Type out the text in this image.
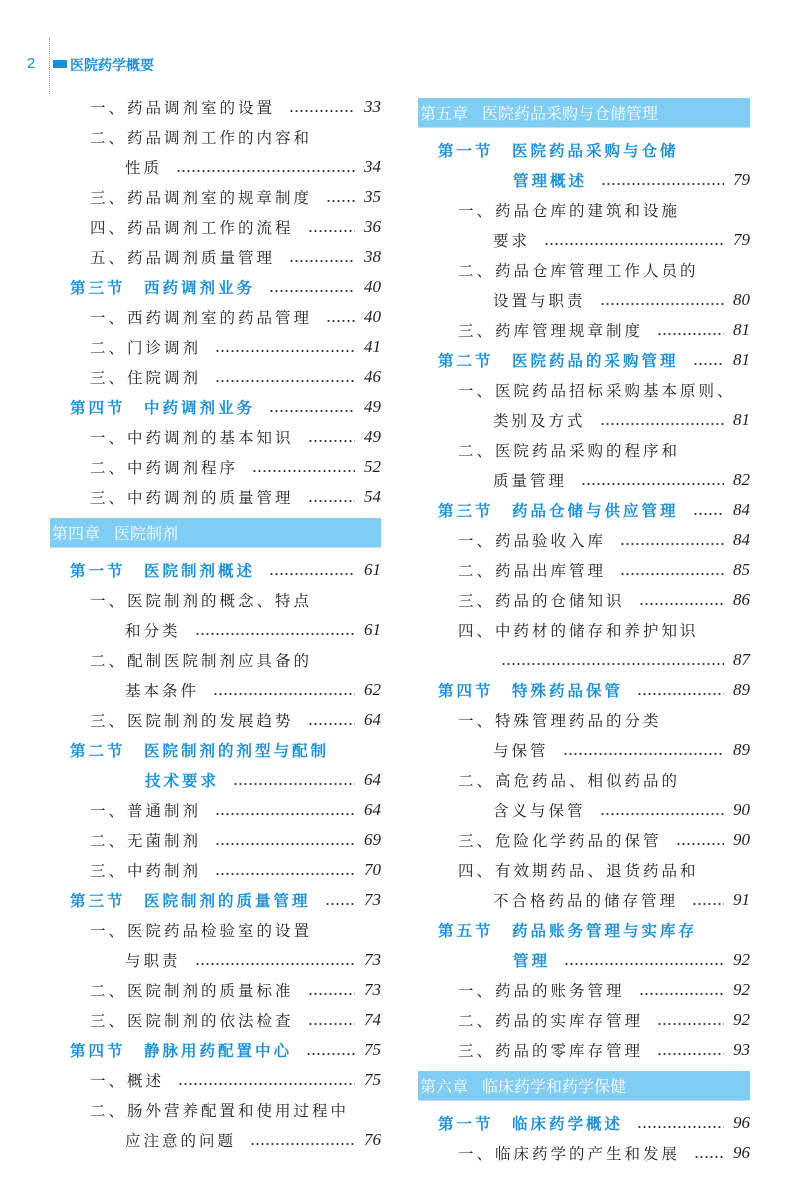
2 医院药学概要
一、药品调剂室的设置	33
二、药品调剂工作的内容和
性质	34
三、药品调剂室的规章制度	35
四、药品调剂工作的流程	36
五、药品调剂质量管理	38
第三节　西药调剂业务	40
一、西药调剂室的药品管理	40
二、门诊调剂	41
三、住院调剂	46
第四节　中药调剂业务	49
一、中药调剂的基本知识	49
二、中药调剂程序	52
三、中药调剂的质量管理	54
第四章 医院制剂
第一节　医院制剂概述	61
一、医院制剂的概念、特点
和分类	61
二、配制医院制剂应具备的
基本条件	62
三、医院制剂的发展趋势	64
第二节　医院制剂的剂型与配制
技术要求	64
一、普通制剂	64
二、无菌制剂	69
三、中药制剂	70
第三节　医院制剂的质量管理	73
一、医院药品检验室的设置
与职责	73
二、医院制剂的质量标准	73
三、医院制剂的依法检查	74
第四节　静脉用药配置中心	75
一、概述	75
二、肠外营养配置和使用过程中
应注意的问题	76
第五章 医院药品采购与仓储管理
第一节　医院药品采购与仓储
管理概述	79
一、药品仓库的建筑和设施
要求	79
二、药品仓库管理工作人员的
设置与职责	80
三、药库管理规章制度	81
第二节　医院药品的采购管理	81
一、医院药品招标采购基本原则、
类别及方式	81
二、医院药品采购的程序和
质量管理	82
第三节　药品仓储与供应管理	84
一、药品验收入库	84
二、药品出库管理	85
三、药品的仓储知识	86
四、中药材的储存和养护知识
87
第四节　特殊药品保管	89
一、特殊管理药品的分类
与保管	89
二、高危药品、相似药品的
含义与保管	90
三、危险化学药品的保管	90
四、有效期药品、退货药品和
不合格药品的储存管理	91
第五节　药品账务管理与实库存
管理	92
一、药品的账务管理	92
二、药品的实库存管理	92
三、药品的零库存管理	93
第六章 临床药学和药学保健
第一节　临床药学概述	96
一、临床药学的产生和发展	96
